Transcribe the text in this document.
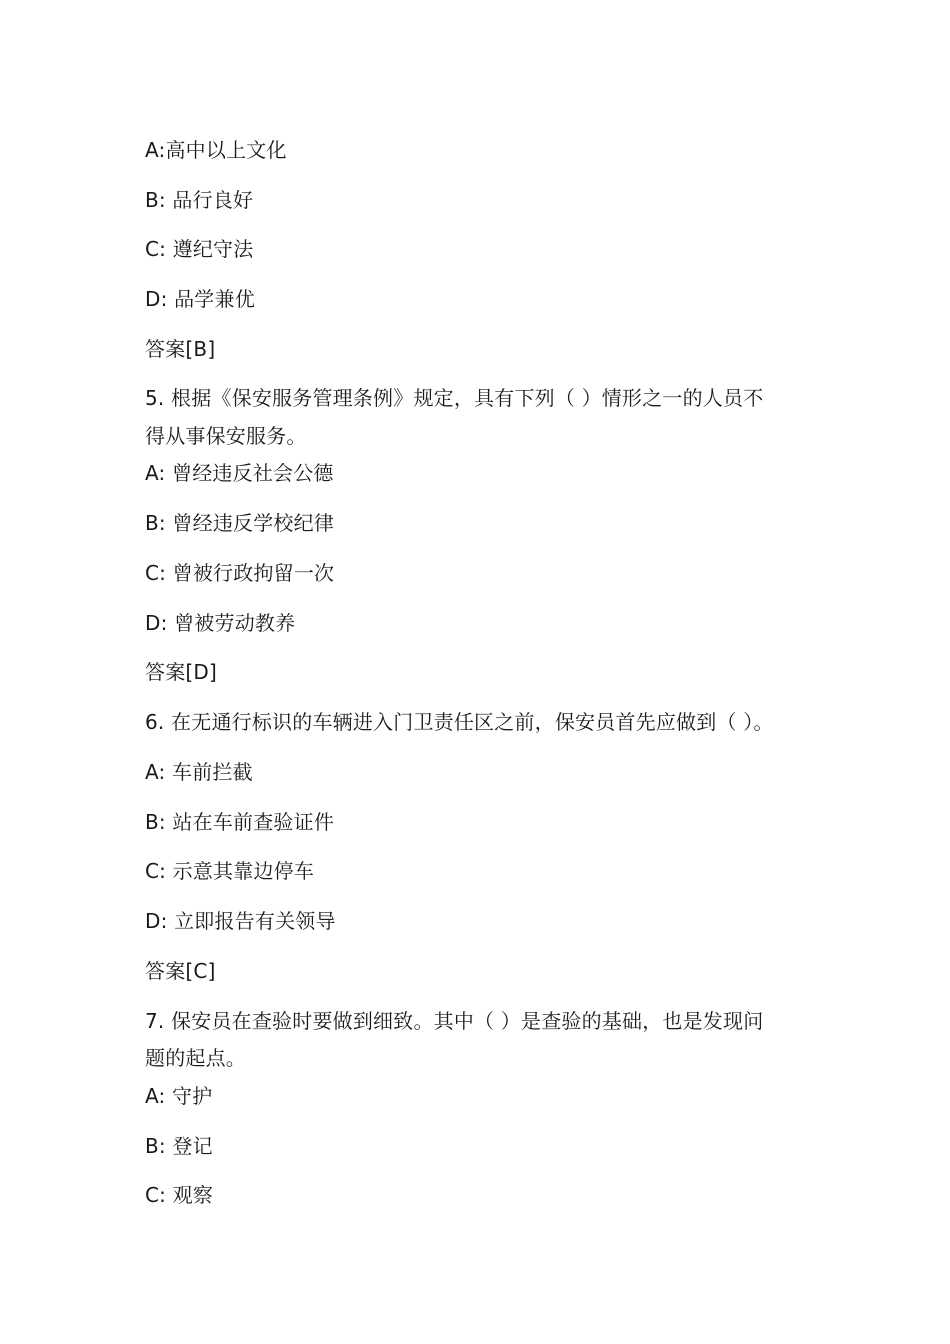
A:高中以上文化
B: 品行良好
C: 遵纪守法
D: 品学兼优
答案[B]
5. 根据《保安服务管理条例》规定，具有下列（ ）情形之一的人员不
得从事保安服务。
A: 曾经违反社会公德
B: 曾经违反学校纪律
C: 曾被行政拘留一次
D: 曾被劳动教养
答案[D]
6. 在无通行标识的车辆进入门卫责任区之前，保安员首先应做到（ ）。
A: 车前拦截
B: 站在车前查验证件
C: 示意其靠边停车
D: 立即报告有关领导
答案[C]
7. 保安员在查验时要做到细致。其中（ ）是查验的基础，也是发现问
题的起点。
A: 守护
B: 登记
C: 观察
